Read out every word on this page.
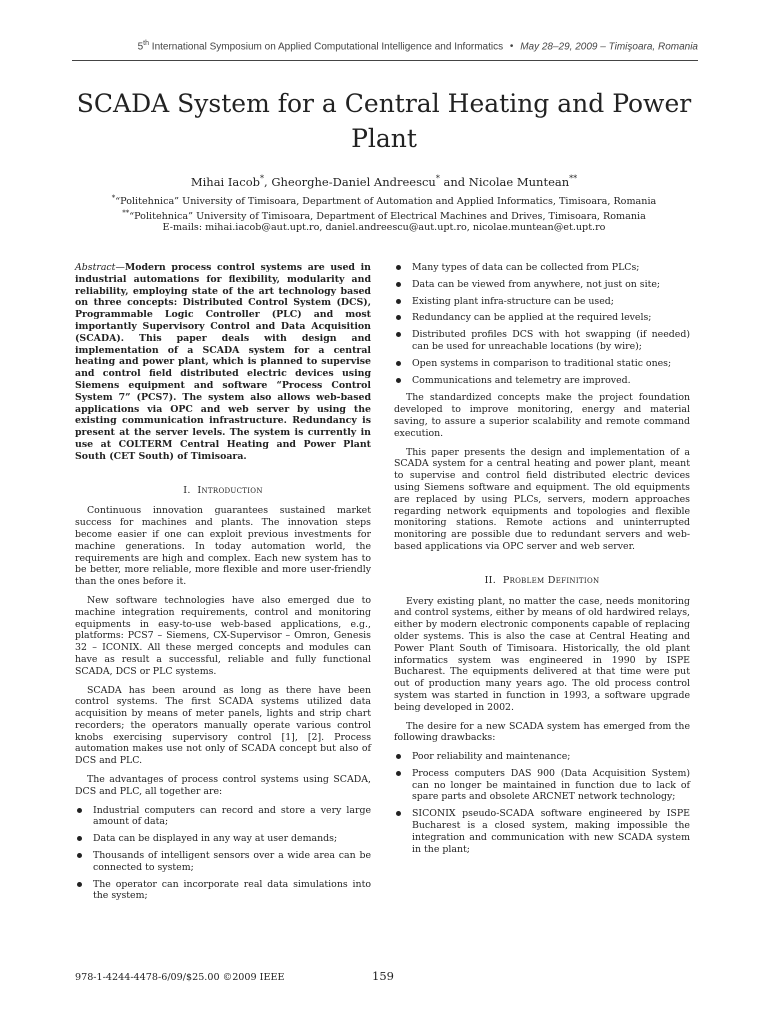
5th International Symposium on Applied Computational Intelligence and Informatics • May 28–29, 2009 – Timişoara, Romania
SCADA System for a Central Heating and Power Plant
Mihai Iacob*, Gheorghe-Daniel Andreescu* and Nicolae Muntean**
*“Politehnica” University of Timisoara, Department of Automation and Applied Informatics, Timisoara, Romania
**“Politehnica” University of Timisoara, Department of Electrical Machines and Drives, Timisoara, Romania
E-mails: mihai.iacob@aut.upt.ro, daniel.andreescu@aut.upt.ro, nicolae.muntean@et.upt.ro

Abstract—Modern process control systems are used in industrial automations for flexibility, modularity and reliability, employing state of the art technology based on three concepts: Distributed Control System (DCS), Programmable Logic Controller (PLC) and most importantly Supervisory Control and Data Acquisition (SCADA). This paper deals with design and implementation of a SCADA system for a central heating and power plant, which is planned to supervise and control field distributed electric devices using Siemens equipment and software “Process Control System 7” (PCS7). The system also allows web-based applications via OPC and web server by using the existing communication infrastructure. Redundancy is present at the server levels. The system is currently in use at COLTERM Central Heating and Power Plant South (CET South) of Timisoara.

I. Introduction

Continuous innovation guarantees sustained market success for machines and plants. The innovation steps become easier if one can exploit previous investments for machine generations. In today automation world, the requirements are high and complex. Each new system has to be better, more reliable, more flexible and more user-friendly than the ones before it.

New software technologies have also emerged due to machine integration requirements, control and monitoring equipments in easy-to-use web-based applications, e.g., platforms: PCS7 – Siemens, CX-Supervisor – Omron, Genesis 32 – ICONIX. All these merged concepts and modules can have as result a successful, reliable and fully functional SCADA, DCS or PLC systems.

SCADA has been around as long as there have been control systems. The first SCADA systems utilized data acquisition by means of meter panels, lights and strip chart recorders; the operators manually operate various control knobs exercising supervisory control [1], [2]. Process automation makes use not only of SCADA concept but also of DCS and PLC.

The advantages of process control systems using SCADA, DCS and PLC, all together are:

Industrial computers can record and store a very large amount of data;
Data can be displayed in any way at user demands;
Thousands of intelligent sensors over a wide area can be connected to system;
The operator can incorporate real data simulations into the system;
Many types of data can be collected from PLCs;
Data can be viewed from anywhere, not just on site;
Existing plant infra-structure can be used;
Redundancy can be applied at the required levels;
Distributed profiles DCS with hot swapping (if needed) can be used for unreachable locations (by wire);
Open systems in comparison to traditional static ones;
Communications and telemetry are improved.

The standardized concepts make the project foundation developed to improve monitoring, energy and material saving, to assure a superior scalability and remote command execution.

This paper presents the design and implementation of a SCADA system for a central heating and power plant, meant to supervise and control field distributed electric devices using Siemens software and equipment. The old equipments are replaced by using PLCs, servers, modern approaches regarding network equipments and topologies and flexible monitoring stations. Remote actions and uninterrupted monitoring are possible due to redundant servers and web-based applications via OPC server and web server.

II. Problem Definition

Every existing plant, no matter the case, needs monitoring and control systems, either by means of old hardwired relays, either by modern electronic components capable of replacing older systems. This is also the case at Central Heating and Power Plant South of Timisoara. Historically, the old plant informatics system was engineered in 1990 by ISPE Bucharest. The equipments delivered at that time were put out of production many years ago. The old process control system was started in function in 1993, a software upgrade being developed in 2002.

The desire for a new SCADA system has emerged from the following drawbacks:

Poor reliability and maintenance;
Process computers DAS 900 (Data Acquisition System) can no longer be maintained in function due to lack of spare parts and obsolete ARCNET network technology;
SICONIX pseudo-SCADA software engineered by ISPE Bucharest is a closed system, making impossible the integration and communication with new SCADA system in the plant;
978-1-4244-4478-6/09/$25.00 ©2009 IEEE	159
